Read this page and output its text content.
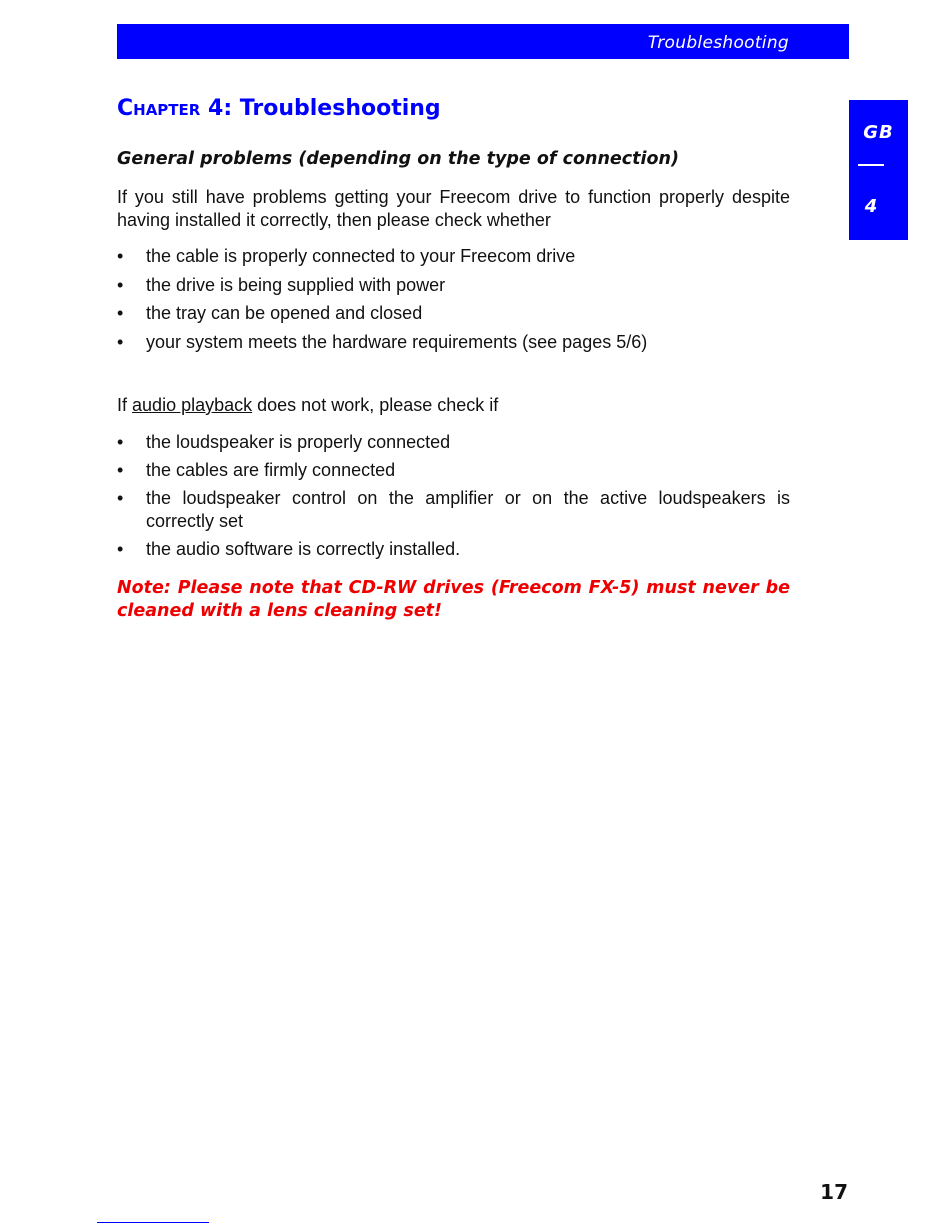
Troubleshooting
GB
4
Chapter 4: Troubleshooting
General problems (depending on the type of connection)

If you still have problems getting your Freecom drive to function properly despite having installed it correctly, then please check whether

• the cable is properly connected to your Freecom drive
• the drive is being supplied with power
• the tray can be opened and closed
• your system meets the hardware requirements (see pages 5/6)

If audio playback does not work, please check if

• the loudspeaker is properly connected
• the cables are firmly connected
• the loudspeaker control on the amplifier or on the active loudspeakers is correctly set
• the audio software is correctly installed.

Note: Please note that CD-RW drives (Freecom FX-5) must never be cleaned with a lens cleaning set!

17
